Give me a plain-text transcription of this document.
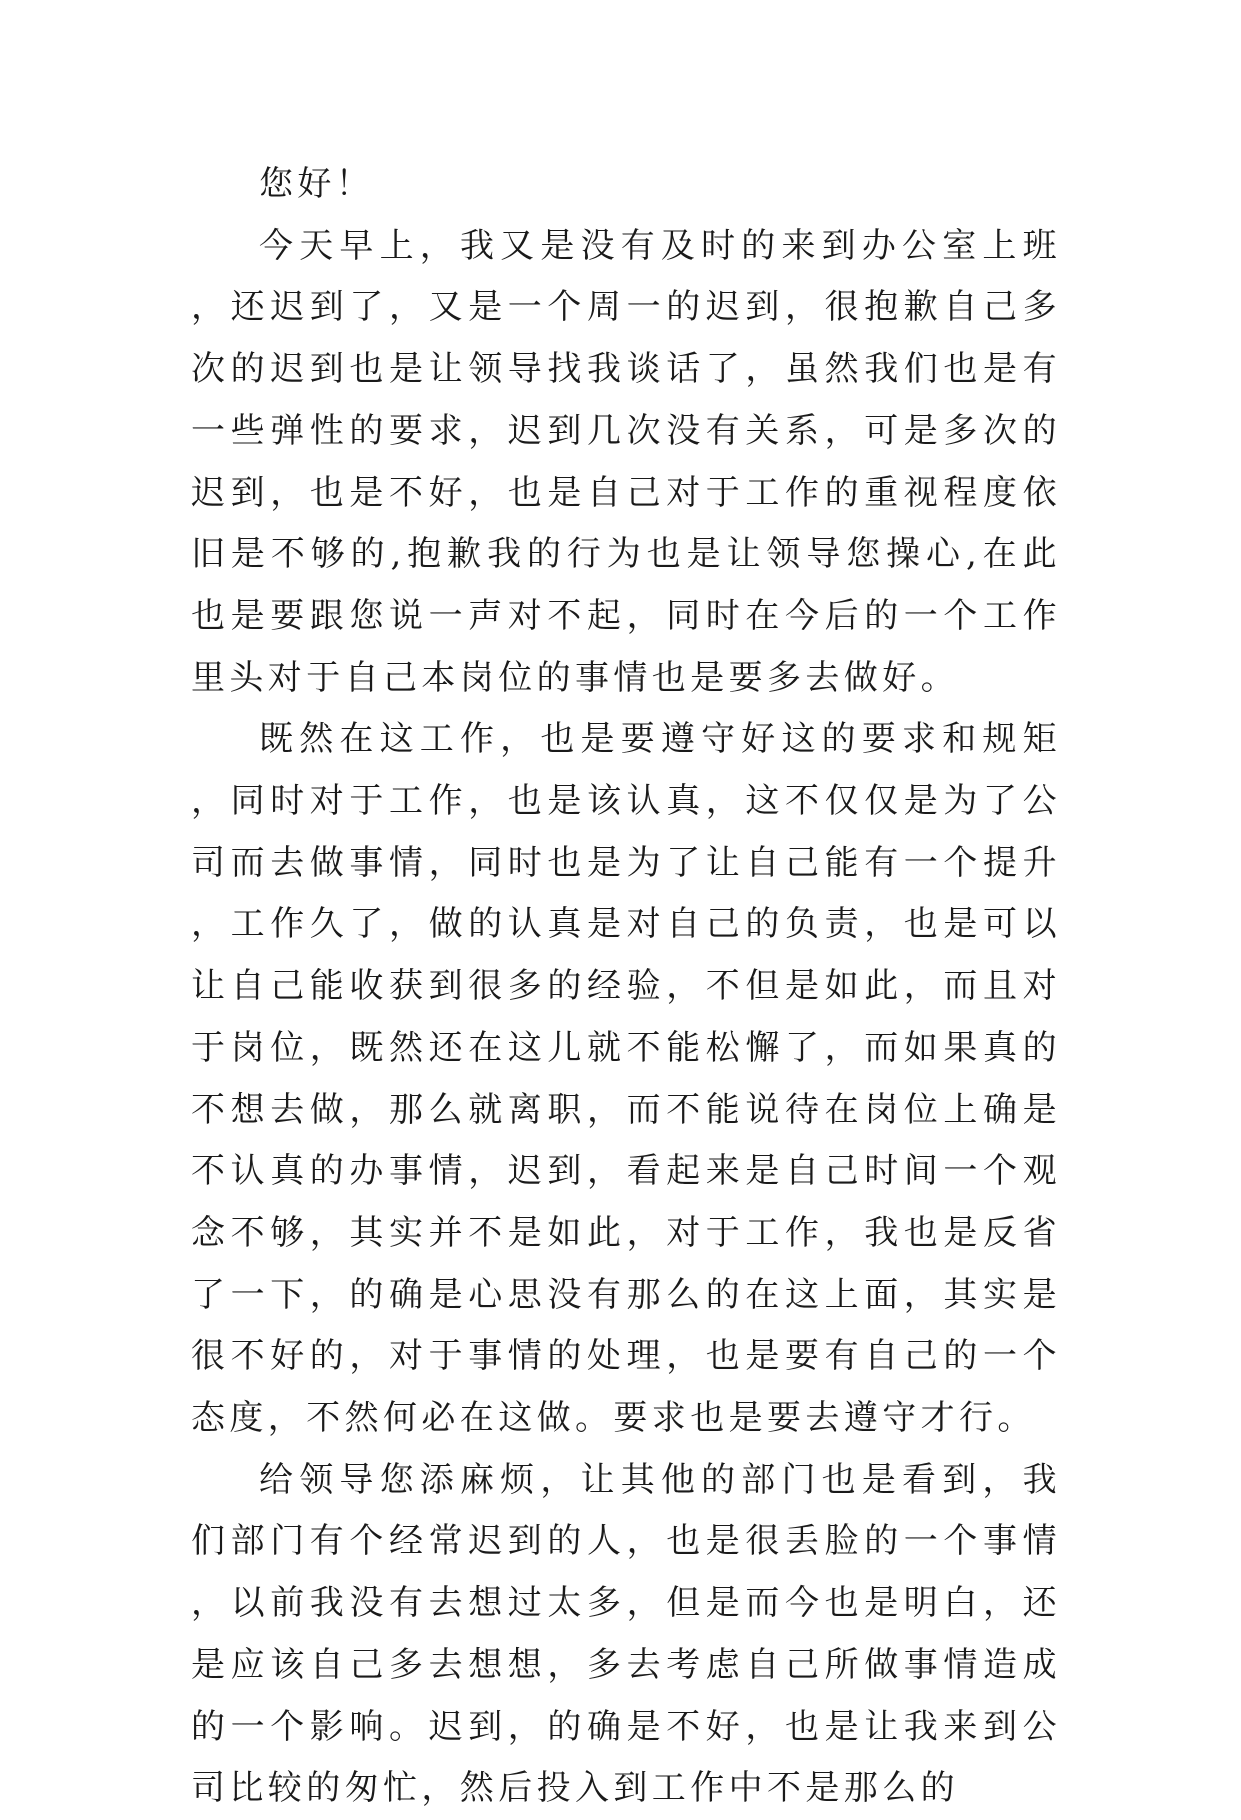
您好！

今天早上，我又是没有及时的来到办公室上班，还迟到了，又是一个周一的迟到，很抱歉自己多次的迟到也是让领导找我谈话了，虽然我们也是有一些弹性的要求，迟到几次没有关系，可是多次的迟到，也是不好，也是自己对于工作的重视程度依旧是不够的,抱歉我的行为也是让领导您操心,在此也是要跟您说一声对不起，同时在今后的一个工作里头对于自己本岗位的事情也是要多去做好。

既然在这工作，也是要遵守好这的要求和规矩，同时对于工作，也是该认真，这不仅仅是为了公司而去做事情，同时也是为了让自己能有一个提升，工作久了，做的认真是对自己的负责，也是可以让自己能收获到很多的经验，不但是如此，而且对于岗位，既然还在这儿就不能松懈了，而如果真的不想去做，那么就离职，而不能说待在岗位上确是不认真的办事情，迟到，看起来是自己时间一个观念不够，其实并不是如此，对于工作，我也是反省了一下，的确是心思没有那么的在这上面，其实是很不好的，对于事情的处理，也是要有自己的一个态度，不然何必在这做。要求也是要去遵守才行。

给领导您添麻烦，让其他的部门也是看到，我们部门有个经常迟到的人，也是很丢脸的一个事情，以前我没有去想过太多，但是而今也是明白，还是应该自己多去想想，多去考虑自己所做事情造成的一个影响。迟到，的确是不好，也是让我来到公司比较的匆忙，然后投入到工作中不是那么的
